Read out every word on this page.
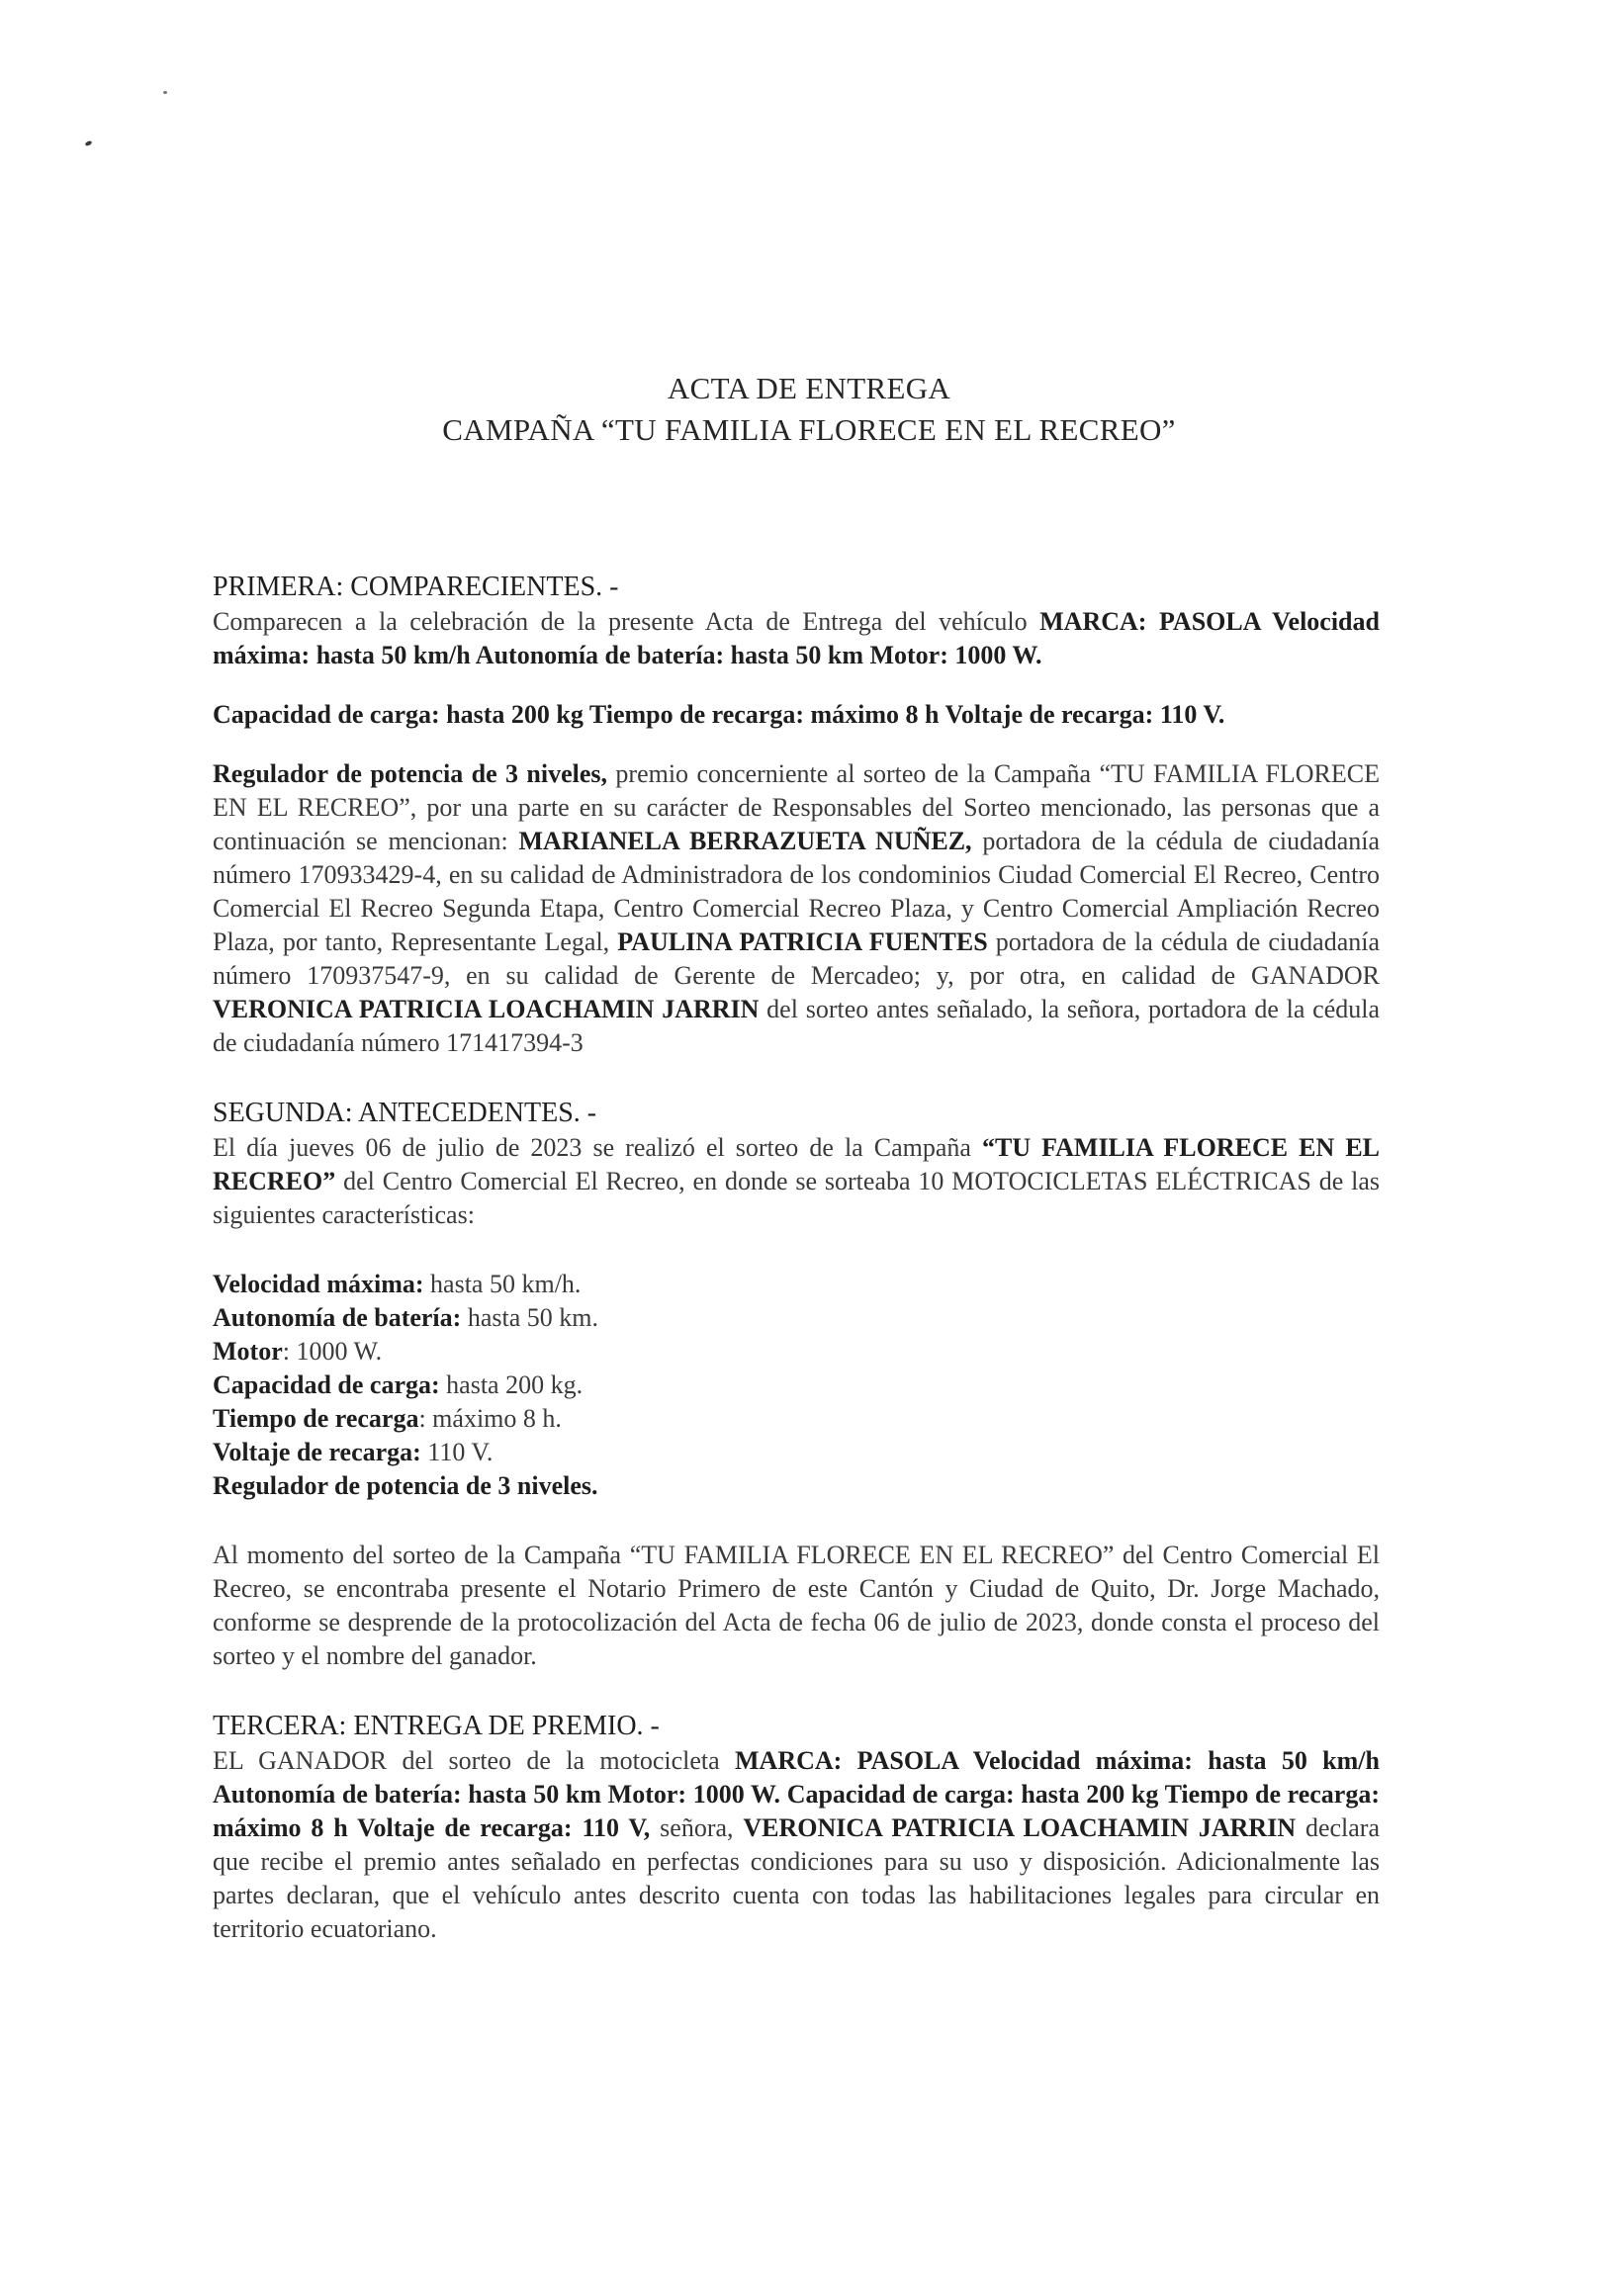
ACTA DE ENTREGA
CAMPAÑA “TU FAMILIA FLORECE EN EL RECREO”
PRIMERA: COMPARECIENTES. -

Comparecen a la celebración de la presente Acta de Entrega del vehículo MARCA: PASOLA Velocidad máxima: hasta 50 km/h Autonomía de batería: hasta 50 km Motor: 1000 W.

Capacidad de carga: hasta 200 kg Tiempo de recarga: máximo 8 h Voltaje de recarga: 110 V.

Regulador de potencia de 3 niveles, premio concerniente al sorteo de la Campaña “TU FAMILIA FLORECE EN EL RECREO”, por una parte en su carácter de Responsables del Sorteo mencionado, las personas que a continuación se mencionan: MARIANELA BERRAZUETA NUÑEZ, portadora de la cédula de ciudadanía número 170933429-4, en su calidad de Administradora de los condominios Ciudad Comercial El Recreo, Centro Comercial El Recreo Segunda Etapa, Centro Comercial Recreo Plaza, y Centro Comercial Ampliación Recreo Plaza, por tanto, Representante Legal, PAULINA PATRICIA FUENTES portadora de la cédula de ciudadanía número 170937547-9, en su calidad de Gerente de Mercadeo; y, por otra, en calidad de GANADOR VERONICA PATRICIA LOACHAMIN JARRIN del sorteo antes señalado, la señora, portadora de la cédula de ciudadanía número 171417394-3

SEGUNDA: ANTECEDENTES. -

El día jueves 06 de julio de 2023 se realizó el sorteo de la Campaña “TU FAMILIA FLORECE EN EL RECREO” del Centro Comercial El Recreo, en donde se sorteaba 10 MOTOCICLETAS ELÉCTRICAS de las siguientes características:

Velocidad máxima: hasta 50 km/h.
Autonomía de batería: hasta 50 km.
Motor: 1000 W.
Capacidad de carga: hasta 200 kg.
Tiempo de recarga: máximo 8 h.
Voltaje de recarga: 110 V.
Regulador de potencia de 3 niveles.

Al momento del sorteo de la Campaña “TU FAMILIA FLORECE EN EL RECREO” del Centro Comercial El Recreo, se encontraba presente el Notario Primero de este Cantón y Ciudad de Quito, Dr. Jorge Machado, conforme se desprende de la protocolización del Acta de fecha 06 de julio de 2023, donde consta el proceso del sorteo y el nombre del ganador.

TERCERA: ENTREGA DE PREMIO. -

EL GANADOR del sorteo de la motocicleta MARCA: PASOLA Velocidad máxima: hasta 50 km/h Autonomía de batería: hasta 50 km Motor: 1000 W. Capacidad de carga: hasta 200 kg Tiempo de recarga: máximo 8 h Voltaje de recarga: 110 V, señora, VERONICA PATRICIA LOACHAMIN JARRIN declara que recibe el premio antes señalado en perfectas condiciones para su uso y disposición. Adicionalmente las partes declaran, que el vehículo antes descrito cuenta con todas las habilitaciones legales para circular en territorio ecuatoriano.
